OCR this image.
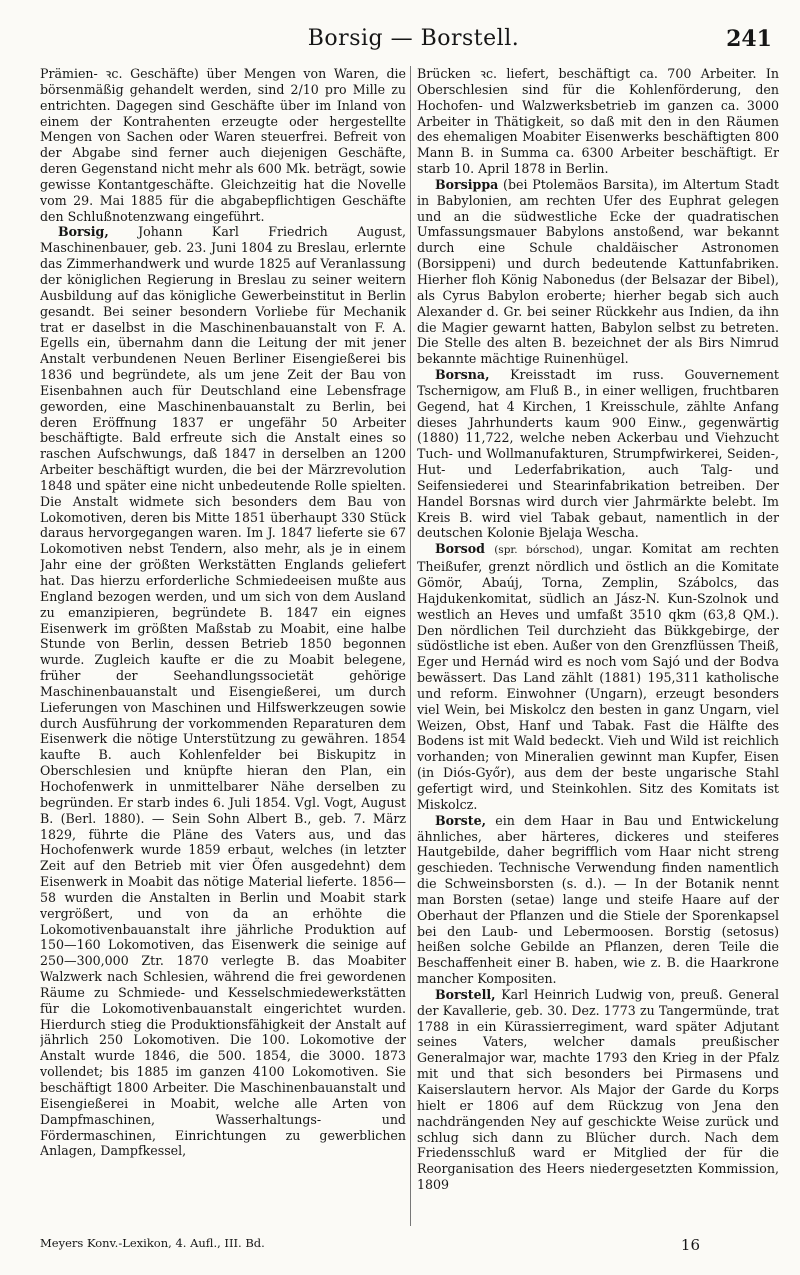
Borsig — Borstell.	241

Prämien- ꝛc. Geschäfte) über Mengen von Waren, die börsenmäßig gehandelt werden, sind 2/10 pro Mille zu entrichten. Dagegen sind Geschäfte über im Inland von einem der Kontrahenten erzeugte oder hergestellte Mengen von Sachen oder Waren steuerfrei. Befreit von der Abgabe sind ferner auch diejenigen Geschäfte, deren Gegenstand nicht mehr als 600 Mk. beträgt, sowie gewisse Kontantgeschäfte. Gleichzeitig hat die Novelle vom 29. Mai 1885 für die abgabepflichtigen Geschäfte den Schlußnotenzwang eingeführt.

Borsig, Johann Karl Friedrich August, Maschinenbauer, geb. 23. Juni 1804 zu Breslau, erlernte das Zimmerhandwerk und wurde 1825 auf Veranlassung der königlichen Regierung in Breslau zu seiner weitern Ausbildung auf das königliche Gewerbeinstitut in Berlin gesandt. Bei seiner besondern Vorliebe für Mechanik trat er daselbst in die Maschinenbauanstalt von F. A. Egells ein, übernahm dann die Leitung der mit jener Anstalt verbundenen Neuen Berliner Eisengießerei bis 1836 und begründete, als um jene Zeit der Bau von Eisenbahnen auch für Deutschland eine Lebensfrage geworden, eine Maschinenbauanstalt zu Berlin, bei deren Eröffnung 1837 er ungefähr 50 Arbeiter beschäftigte. Bald erfreute sich die Anstalt eines so raschen Aufschwungs, daß 1847 in derselben an 1200 Arbeiter beschäftigt wurden, die bei der Märzrevolution 1848 und später eine nicht unbedeutende Rolle spielten. Die Anstalt widmete sich besonders dem Bau von Lokomotiven, deren bis Mitte 1851 überhaupt 330 Stück daraus hervorgegangen waren. Im J. 1847 lieferte sie 67 Lokomotiven nebst Tendern, also mehr, als je in einem Jahr eine der größten Werkstätten Englands geliefert hat. Das hierzu erforderliche Schmiedeeisen mußte aus England bezogen werden, und um sich von dem Ausland zu emanzipieren, begründete B. 1847 ein eignes Eisenwerk im größten Maßstab zu Moabit, eine halbe Stunde von Berlin, dessen Betrieb 1850 begonnen wurde. Zugleich kaufte er die zu Moabit belegene, früher der Seehandlungssocietät gehörige Maschinenbauanstalt und Eisengießerei, um durch Lieferungen von Maschinen und Hilfswerkzeugen sowie durch Ausführung der vorkommenden Reparaturen dem Eisenwerk die nötige Unterstützung zu gewähren. 1854 kaufte B. auch Kohlenfelder bei Biskupitz in Oberschlesien und knüpfte hieran den Plan, ein Hochofenwerk in unmittelbarer Nähe derselben zu begründen. Er starb indes 6. Juli 1854. Vgl. Vogt, August B. (Berl. 1880). — Sein Sohn Albert B., geb. 7. März 1829, führte die Pläne des Vaters aus, und das Hochofenwerk wurde 1859 erbaut, welches (in letzter Zeit auf den Betrieb mit vier Öfen ausgedehnt) dem Eisenwerk in Moabit das nötige Material lieferte. 1856—58 wurden die Anstalten in Berlin und Moabit stark vergrößert, und von da an erhöhte die Lokomotivenbauanstalt ihre jährliche Produktion auf 150—160 Lokomotiven, das Eisenwerk die seinige auf 250—300,000 Ztr. 1870 verlegte B. das Moabiter Walzwerk nach Schlesien, während die frei gewordenen Räume zu Schmiede- und Kesselschmiedewerkstätten für die Lokomotivenbauanstalt eingerichtet wurden. Hierdurch stieg die Produktionsfähigkeit der Anstalt auf jährlich 250 Lokomotiven. Die 100. Lokomotive der Anstalt wurde 1846, die 500. 1854, die 3000. 1873 vollendet; bis 1885 im ganzen 4100 Lokomotiven. Sie beschäftigt 1800 Arbeiter. Die Maschinenbauanstalt und Eisengießerei in Moabit, welche alle Arten von Dampfmaschinen, Wasserhaltungs- und Fördermaschinen, Einrichtungen zu gewerblichen Anlagen, Dampfkessel,

Brücken ꝛc. liefert, beschäftigt ca. 700 Arbeiter. In Oberschlesien sind für die Kohlenförderung, den Hochofen- und Walzwerksbetrieb im ganzen ca. 3000 Arbeiter in Thätigkeit, so daß mit den in den Räumen des ehemaligen Moabiter Eisenwerks beschäftigten 800 Mann B. in Summa ca. 6300 Arbeiter beschäftigt. Er starb 10. April 1878 in Berlin.

Borsippa (bei Ptolemäos Barsita), im Altertum Stadt in Babylonien, am rechten Ufer des Euphrat gelegen und an die südwestliche Ecke der quadratischen Umfassungsmauer Babylons anstoßend, war bekannt durch eine Schule chaldäischer Astronomen (Borsippeni) und durch bedeutende Kattunfabriken. Hierher floh König Nabonedus (der Belsazar der Bibel), als Cyrus Babylon eroberte; hierher begab sich auch Alexander d. Gr. bei seiner Rückkehr aus Indien, da ihn die Magier gewarnt hatten, Babylon selbst zu betreten. Die Stelle des alten B. bezeichnet der als Birs Nimrud bekannte mächtige Ruinenhügel.

Borsna, Kreisstadt im russ. Gouvernement Tschernigow, am Fluß B., in einer welligen, fruchtbaren Gegend, hat 4 Kirchen, 1 Kreisschule, zählte Anfang dieses Jahrhunderts kaum 900 Einw., gegenwärtig (1880) 11,722, welche neben Ackerbau und Viehzucht Tuch- und Wollmanufakturen, Strumpfwirkerei, Seiden-, Hut- und Lederfabrikation, auch Talg- und Seifensiederei und Stearinfabrikation betreiben. Der Handel Borsnas wird durch vier Jahrmärkte belebt. Im Kreis B. wird viel Tabak gebaut, namentlich in der deutschen Kolonie Bjelaja Wescha.

Borsod (spr. bórschod), ungar. Komitat am rechten Theißufer, grenzt nördlich und östlich an die Komitate Gömör, Abaúj, Torna, Zemplin, Szábolcs, das Hajdukenkomitat, südlich an Jász-N. Kun-Szolnok und westlich an Heves und umfaßt 3510 qkm (63,8 QM.). Den nördlichen Teil durchzieht das Bükkgebirge, der südöstliche ist eben. Außer von den Grenzflüssen Theiß, Eger und Hernád wird es noch vom Sajó und der Bodva bewässert. Das Land zählt (1881) 195,311 katholische und reform. Einwohner (Ungarn), erzeugt besonders viel Wein, bei Miskolcz den besten in ganz Ungarn, viel Weizen, Obst, Hanf und Tabak. Fast die Hälfte des Bodens ist mit Wald bedeckt. Vieh und Wild ist reichlich vorhanden; von Mineralien gewinnt man Kupfer, Eisen (in Diós-Győr), aus dem der beste ungarische Stahl gefertigt wird, und Steinkohlen. Sitz des Komitats ist Miskolcz.

Borste, ein dem Haar in Bau und Entwickelung ähnliches, aber härteres, dickeres und steiferes Hautgebilde, daher begrifflich vom Haar nicht streng geschieden. Technische Verwendung finden namentlich die Schweinsborsten (s. d.). — In der Botanik nennt man Borsten (setae) lange und steife Haare auf der Oberhaut der Pflanzen und die Stiele der Sporenkapsel bei den Laub- und Lebermoosen. Borstig (setosus) heißen solche Gebilde an Pflanzen, deren Teile die Beschaffenheit einer B. haben, wie z. B. die Haarkrone mancher Kompositen.

Borstell, Karl Heinrich Ludwig von, preuß. General der Kavallerie, geb. 30. Dez. 1773 zu Tangermünde, trat 1788 in ein Kürassierregiment, ward später Adjutant seines Vaters, welcher damals preußischer Generalmajor war, machte 1793 den Krieg in der Pfalz mit und that sich besonders bei Pirmasens und Kaiserslautern hervor. Als Major der Garde du Korps hielt er 1806 auf dem Rückzug von Jena den nachdrängenden Ney auf geschickte Weise zurück und schlug sich dann zu Blücher durch. Nach dem Friedensschluß ward er Mitglied der für die Reorganisation des Heers niedergesetzten Kommission, 1809

Meyers Konv.-Lexikon, 4. Aufl., III. Bd.	16
